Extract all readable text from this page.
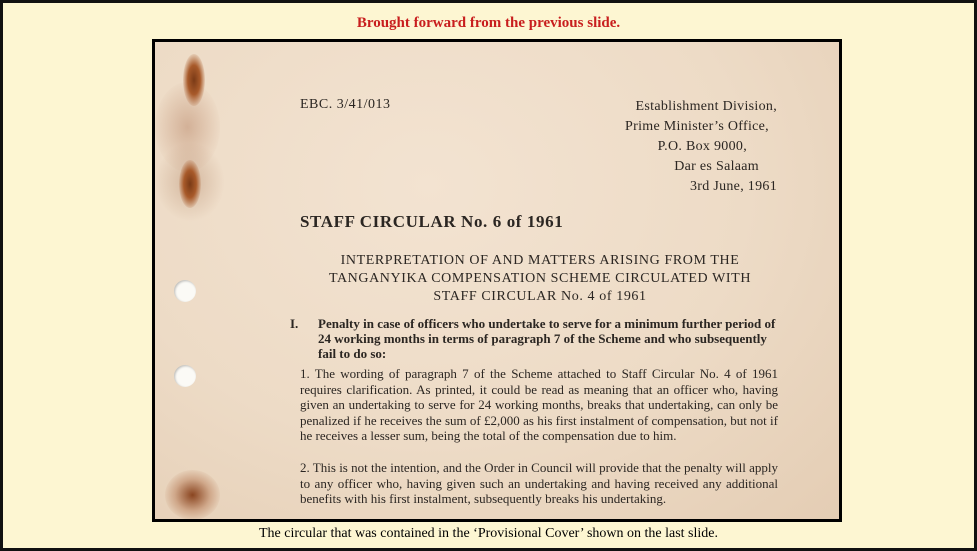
Brought forward from the previous slide.
EBC. 3/41/013	Establishment Division,
Prime Minister’s Office,
P.O. Box 9000,
Dar es Salaam
3rd June, 1961
STAFF CIRCULAR No. 6 of 1961
INTERPRETATION OF AND MATTERS ARISING FROM THE
TANGANYIKA COMPENSATION SCHEME CIRCULATED WITH
STAFF CIRCULAR No. 4 of 1961
I. Penalty in case of officers who undertake to serve for a minimum further period of 24 working months in terms of paragraph 7 of the Scheme and who subsequently fail to do so:
1. The wording of paragraph 7 of the Scheme attached to Staff Circular No. 4 of 1961 requires clarification. As printed, it could be read as meaning that an officer who, having given an undertaking to serve for 24 working months, breaks that undertaking, can only be penalized if he receives the sum of £2,000 as his first instalment of compensation, but not if he receives a lesser sum, being the total of the compensation due to him.
2. This is not the intention, and the Order in Council will provide that the penalty will apply to any officer who, having given such an undertaking and having received any additional benefits with his first instalment, subsequently breaks his undertaking.
The circular that was contained in the ‘Provisional Cover’ shown on the last slide.
